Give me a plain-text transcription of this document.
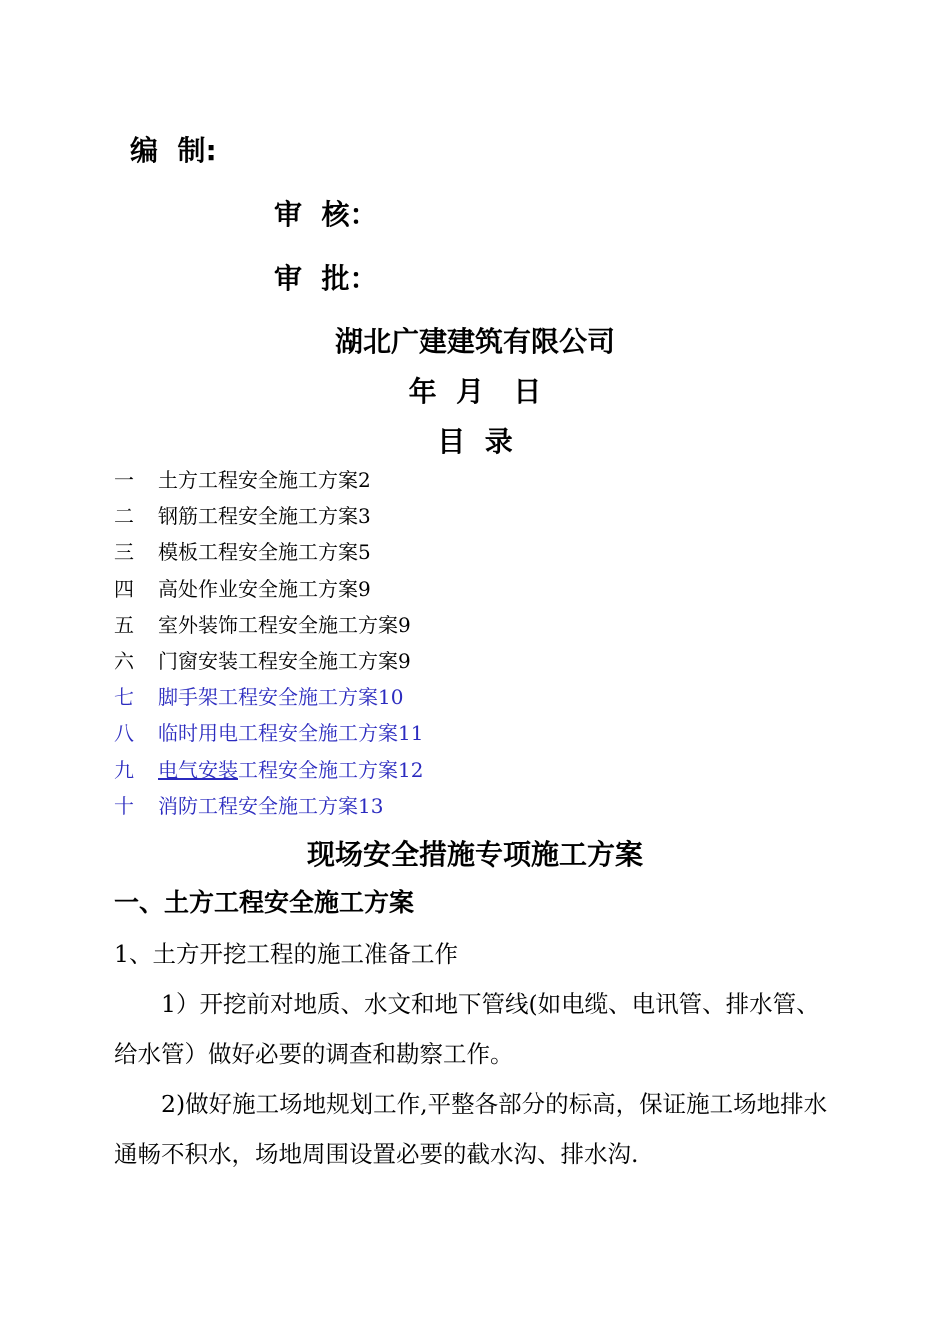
编  制:
审  核：
审  批：
湖北广建建筑有限公司
年  月   日
目  录
一	土方工程安全施工方案2
二	钢筋工程安全施工方案3
三	模板工程安全施工方案5
四	高处作业安全施工方案9
五	室外装饰工程安全施工方案9
六	门窗安装工程安全施工方案9
七	脚手架工程安全施工方案10
八	临时用电工程安全施工方案11
九	电气安装工程安全施工方案12
十	消防工程安全施工方案13
现场安全措施专项施工方案
一、土方工程安全施工方案

1、土方开挖工程的施工准备工作

1）开挖前对地质、水文和地下管线(如电缆、电讯管、排水管、给水管）做好必要的调查和勘察工作。

2)做好施工场地规划工作,平整各部分的标高，保证施工场地排水通畅不积水，场地周围设置必要的截水沟、排水沟.
